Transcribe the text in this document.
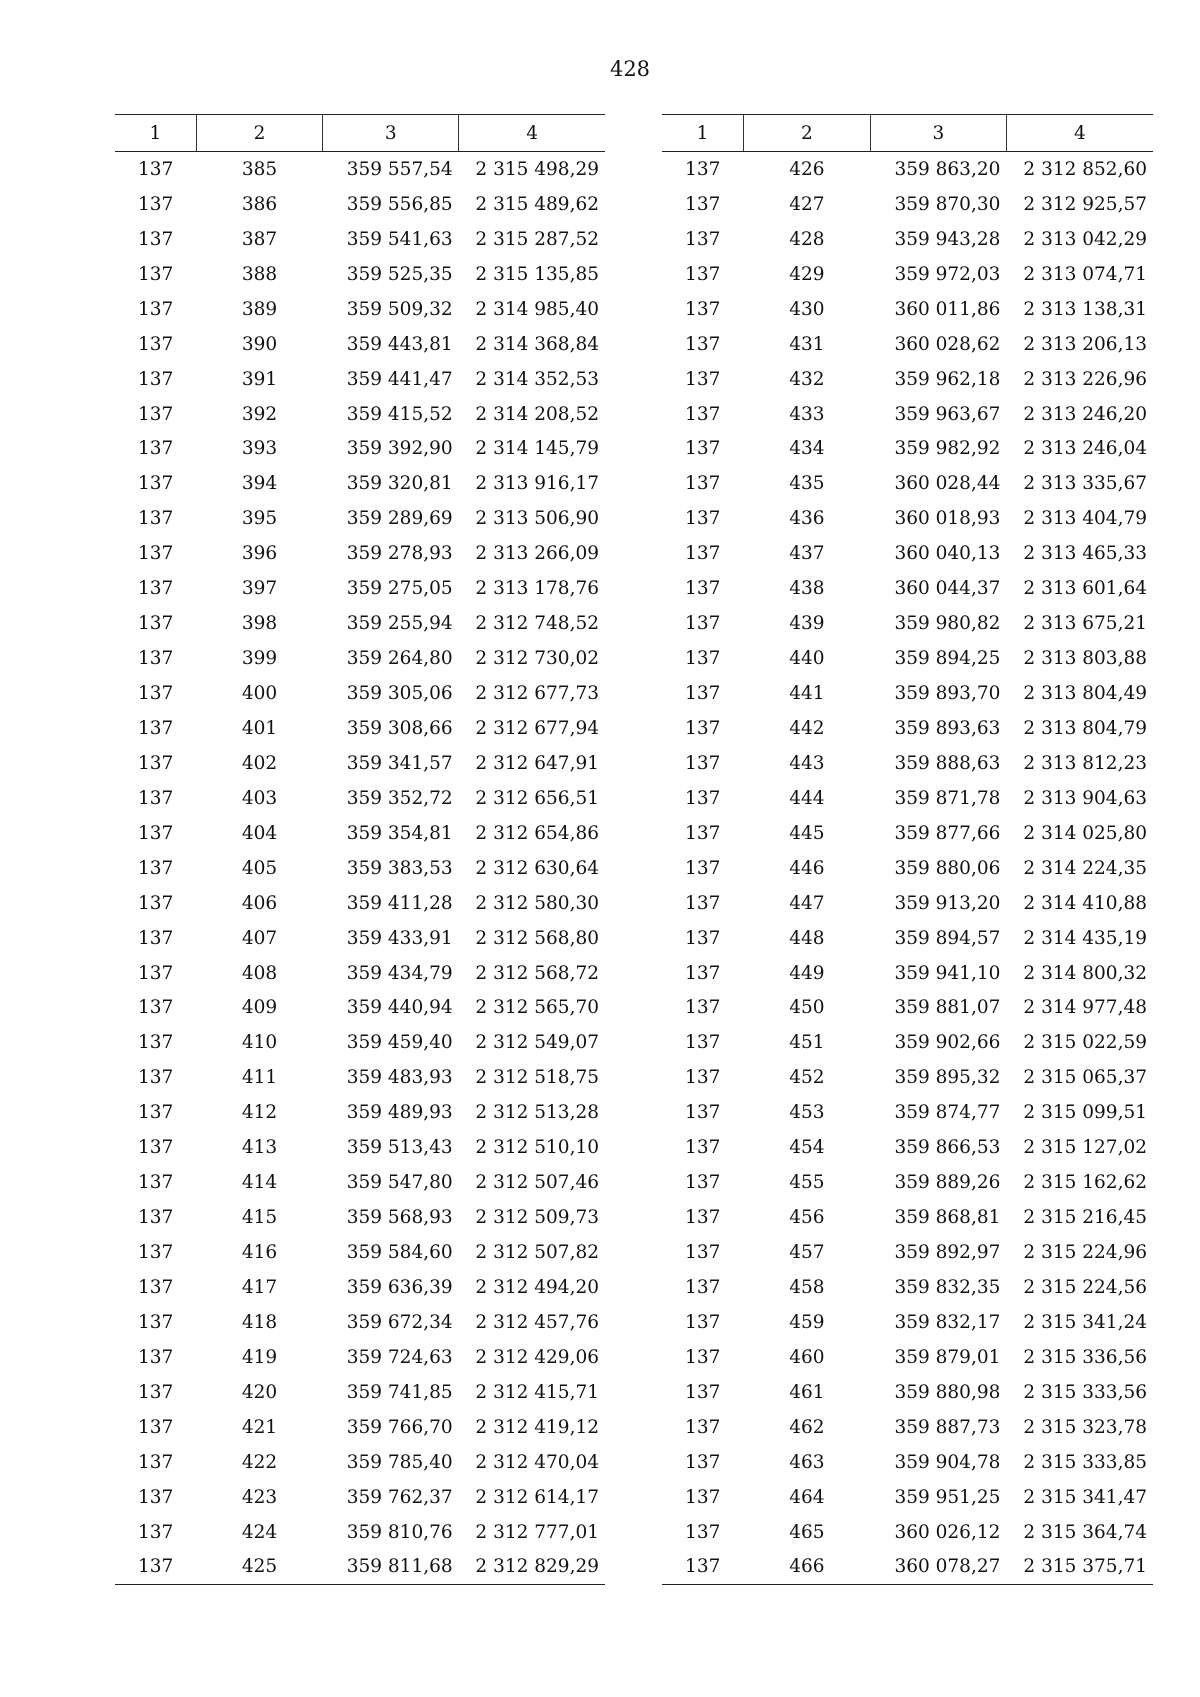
428
1	2	3	4
137	385	359 557,54	2 315 498,29
137	386	359 556,85	2 315 489,62
137	387	359 541,63	2 315 287,52
137	388	359 525,35	2 315 135,85
137	389	359 509,32	2 314 985,40
137	390	359 443,81	2 314 368,84
137	391	359 441,47	2 314 352,53
137	392	359 415,52	2 314 208,52
137	393	359 392,90	2 314 145,79
137	394	359 320,81	2 313 916,17
137	395	359 289,69	2 313 506,90
137	396	359 278,93	2 313 266,09
137	397	359 275,05	2 313 178,76
137	398	359 255,94	2 312 748,52
137	399	359 264,80	2 312 730,02
137	400	359 305,06	2 312 677,73
137	401	359 308,66	2 312 677,94
137	402	359 341,57	2 312 647,91
137	403	359 352,72	2 312 656,51
137	404	359 354,81	2 312 654,86
137	405	359 383,53	2 312 630,64
137	406	359 411,28	2 312 580,30
137	407	359 433,91	2 312 568,80
137	408	359 434,79	2 312 568,72
137	409	359 440,94	2 312 565,70
137	410	359 459,40	2 312 549,07
137	411	359 483,93	2 312 518,75
137	412	359 489,93	2 312 513,28
137	413	359 513,43	2 312 510,10
137	414	359 547,80	2 312 507,46
137	415	359 568,93	2 312 509,73
137	416	359 584,60	2 312 507,82
137	417	359 636,39	2 312 494,20
137	418	359 672,34	2 312 457,76
137	419	359 724,63	2 312 429,06
137	420	359 741,85	2 312 415,71
137	421	359 766,70	2 312 419,12
137	422	359 785,40	2 312 470,04
137	423	359 762,37	2 312 614,17
137	424	359 810,76	2 312 777,01
137	425	359 811,68	2 312 829,29
1	2	3	4
137	426	359 863,20	2 312 852,60
137	427	359 870,30	2 312 925,57
137	428	359 943,28	2 313 042,29
137	429	359 972,03	2 313 074,71
137	430	360 011,86	2 313 138,31
137	431	360 028,62	2 313 206,13
137	432	359 962,18	2 313 226,96
137	433	359 963,67	2 313 246,20
137	434	359 982,92	2 313 246,04
137	435	360 028,44	2 313 335,67
137	436	360 018,93	2 313 404,79
137	437	360 040,13	2 313 465,33
137	438	360 044,37	2 313 601,64
137	439	359 980,82	2 313 675,21
137	440	359 894,25	2 313 803,88
137	441	359 893,70	2 313 804,49
137	442	359 893,63	2 313 804,79
137	443	359 888,63	2 313 812,23
137	444	359 871,78	2 313 904,63
137	445	359 877,66	2 314 025,80
137	446	359 880,06	2 314 224,35
137	447	359 913,20	2 314 410,88
137	448	359 894,57	2 314 435,19
137	449	359 941,10	2 314 800,32
137	450	359 881,07	2 314 977,48
137	451	359 902,66	2 315 022,59
137	452	359 895,32	2 315 065,37
137	453	359 874,77	2 315 099,51
137	454	359 866,53	2 315 127,02
137	455	359 889,26	2 315 162,62
137	456	359 868,81	2 315 216,45
137	457	359 892,97	2 315 224,96
137	458	359 832,35	2 315 224,56
137	459	359 832,17	2 315 341,24
137	460	359 879,01	2 315 336,56
137	461	359 880,98	2 315 333,56
137	462	359 887,73	2 315 323,78
137	463	359 904,78	2 315 333,85
137	464	359 951,25	2 315 341,47
137	465	360 026,12	2 315 364,74
137	466	360 078,27	2 315 375,71
